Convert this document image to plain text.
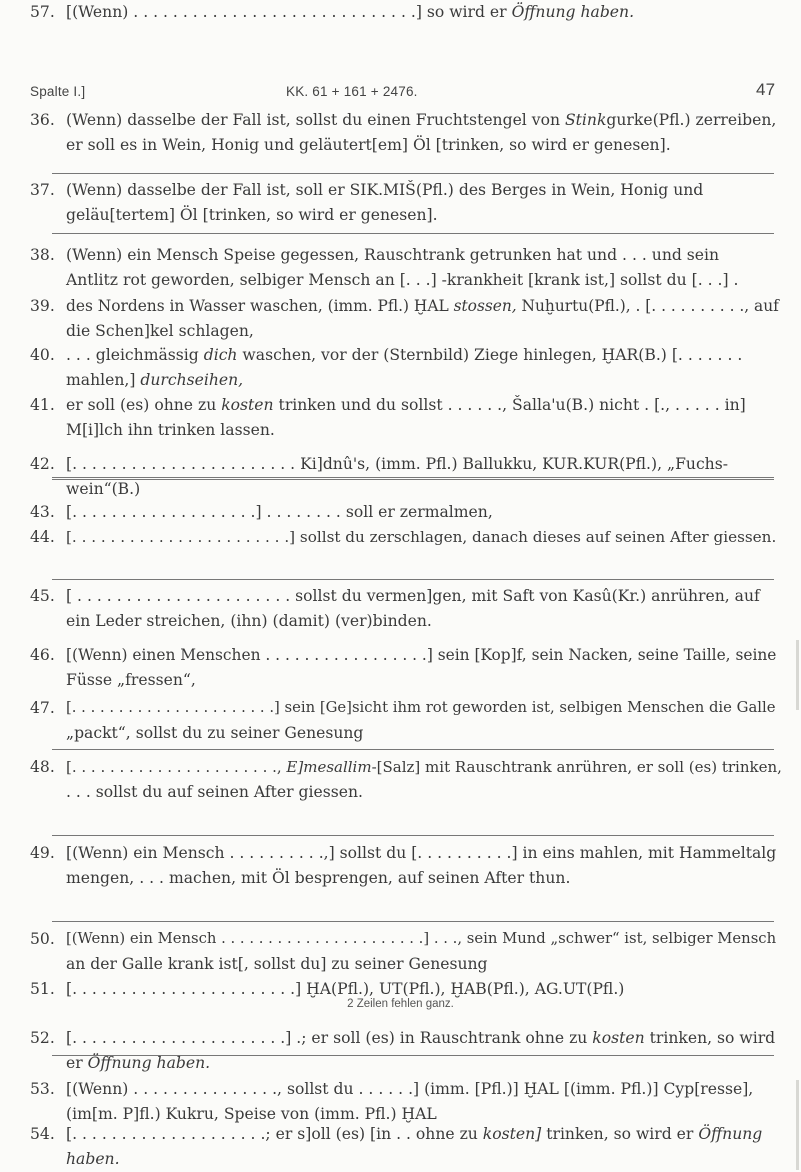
Spalte I.]	KK. 61 + 161 + 2476.	47
36. (Wenn) dasselbe der Fall ist, sollst du einen Fruchtstengel von Stinkgurke(Pfl.) zerreiben,
er soll es in Wein, Honig und geläutert[em] Öl [trinken, so wird er genesen].
37. (Wenn) dasselbe der Fall ist, soll er SIK.MIŠ(Pfl.) des Berges in Wein, Honig und
geläu[tertem] Öl [trinken, so wird er genesen].
38. (Wenn) ein Mensch Speise gegessen, Rauschtrank getrunken hat und . . . und sein
Antlitz rot geworden, selbiger Mensch an [. . .] -krankheit [krank ist,] sollst du [. . .] .
39. des Nordens in Wasser waschen, (imm. Pfl.) ḪAL stossen, Nuḫurtu(Pfl.), . [. . . . . . . . . ., auf
die Schen]kel schlagen,
40. . . . gleichmässig dich waschen, vor der (Sternbild) Ziege hinlegen, ḪAR(B.) [. . . . . . .
mahlen,] durchseihen,
41. er soll (es) ohne zu kosten trinken und du sollst . . . . . ., Šalla'u(B.) nicht . [., . . . . . in]
M[i]lch ihn trinken lassen.
42. [. . . . . . . . . . . . . . . . . . . . . . . Ki]dnû's, (imm. Pfl.) Ballukku, KUR.KUR(Pfl.), „Fuchs-
wein“(B.)
43. [. . . . . . . . . . . . . . . . . . .] . . . . . . . . soll er zermalmen,
44. [. . . . . . . . . . . . . . . . . . . . . . .] sollst du zerschlagen, danach dieses auf seinen After giessen.
45. [ . . . . . . . . . . . . . . . . . . . . . . sollst du vermen]gen, mit Saft von Kasû(Kr.) anrühren, auf
ein Leder streichen, (ihn) (damit) (ver)binden.
46. [(Wenn) einen Menschen . . . . . . . . . . . . . . . . .] sein [Kop]f, sein Nacken, seine Taille, seine
Füsse „fressen“,
47. [. . . . . . . . . . . . . . . . . . . . . .] sein [Ge]sicht ihm rot geworden ist, selbigen Menschen die Galle
„packt“, sollst du zu seiner Genesung
48. [. . . . . . . . . . . . . . . . . . . . . ., E]mesallim-[Salz] mit Rauschtrank anrühren, er soll (es) trinken,
. . . sollst du auf seinen After giessen.
49. [(Wenn) ein Mensch . . . . . . . . . .,] sollst du [. . . . . . . . . .] in eins mahlen, mit Hammeltalg
mengen, . . . machen, mit Öl besprengen, auf seinen After thun.
50. [(Wenn) ein Mensch . . . . . . . . . . . . . . . . . . . . . .] . . ., sein Mund „schwer“ ist, selbiger Mensch
an der Galle krank ist[, sollst du] zu seiner Genesung
51. [. . . . . . . . . . . . . . . . . . . . . . .] ḪA(Pfl.), UT(Pfl.), ḪAB(Pfl.), AG.UT(Pfl.)
52. [. . . . . . . . . . . . . . . . . . . . . .] .; er soll (es) in Rauschtrank ohne zu kosten trinken, so wird
er Öffnung haben.
53. [(Wenn) . . . . . . . . . . . . . . ., sollst du . . . . . .] (imm. [Pfl.)] ḪAL [(imm. Pfl.)] Cyp[resse],
(im[m. P]fl.) Kukru, Speise von (imm. Pfl.) ḪAL
54. [. . . . . . . . . . . . . . . . . . . .; er s]oll (es) [in . . ohne zu kosten] trinken, so wird er Öffnung
haben.
57. [(Wenn) . . . . . . . . . . . . . . . . . . . . . . . . . . . . .] so wird er Öffnung haben.
2 Zeilen fehlen ganz.
